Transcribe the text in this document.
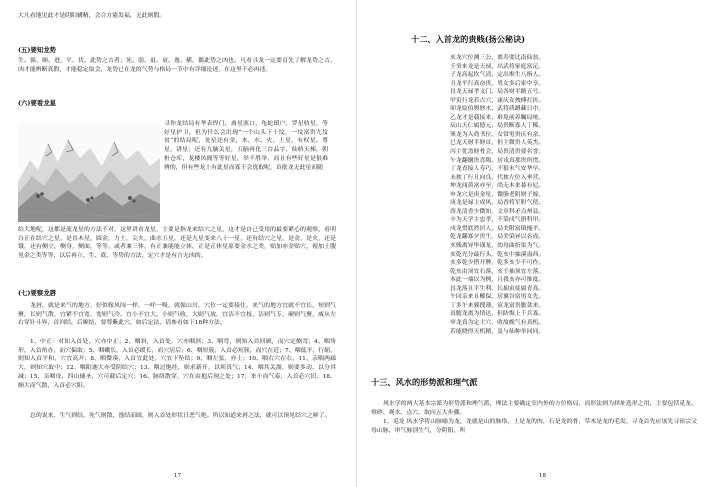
大凡看地见此才是阴阳媾精，会合方能发福，无此则假。
(五)要知龙势
生、强、顺、进、平、伏，此势之吉者；死、弱、退、衰、逸、横，偶此势之凶也。凡看寻龙一定要首先了解龙势之吉、凶才能辨断真假，才能稳定取会，龙势已在龙的气势与格局一节中有详细论述，在这里不必再述。
(六)要看龙星
寻你龙结局有华表焊门，禽星塞口，龟蛇镇户，罗星收星，等好星护卫，但为什么会出现“一个山头下十坟，一坟富贵九坟贫”的结局呢，龙星还有金、木、水、火、土星，有权星、尊星、讲星；还有九脑关星，五脑再化三台品字，仙桥天梯，朝桩仓库，龙楼凤阁等等好星，举不胜举，而且有些好星是很难辨的，但有些龙上有此星而寡于会选取呢，首批龙无此星而随
结大地呢，这都是流龙星的方法不对，这里讲看龙星，主要是指龙来结穴之星，这才是自己受用的最要紧心的观察，看明白正在结穴之星，是直木星，圆金，力土，尖火，曲水五星，还是九星变来八十一星，还有结穴之星，是金，是火，还是饿，还有侧立，侧身，侧面，等等。或者兼三体，有正兼能能立体，正是正体星原要金水之类，贴加亦金贴穴，视加土腹见金之类等等，以后再立、生、底、等势的方法，定穴才是有言无凶的。
(七)要察龙唇
龙唇，就是来气的地方，好似嫁风闯一样，一呼一吸，就强山川，穴位一定要接住，来气的地方宜就不宜长，短则气聚，长则气散，宜紧不宜宽，宽则气冷，宜小不宜大，小则气收，大则气放，宜洁不宜枝，洁则气专，硬则气聚，威从左右穿针斗界，首回结，后顺结，要尊紫此穴，如后定法，请参看如下18种方法。
1、中正：对知入首处，穴亦中正；2、咽斜，入首处，穴亦咽斜；3、咽弯，则知入首回顾，而穴定侧弯；4、咽角形，入首角办，而穴偏取；5、咽嫩长，入首必缓长，而穴居后；6、咽短簇，入首必短簇，而穴在近；7、咽低平，行缩，则知入首平和，穴宜高开；8、咽微凑，入首宜此处，穴宜下坠结；9、咽左弦，亦土；10、咽右穴在右，11、亲咽两廊大，则知穴取中；12、咽阳迦大亦受阴结穴；13、咽过饱挂，则求新开，以须真气；14、咽其关溜，则要多动，以分其减；15、亲咽母，四山辅圣，穴可截后定穴；16、脉络散穿，穴在由抱后现之处；17、来小而气泰，入首必穴旧；18，颇大而气散，入首必穴阳。
总的说来，生气则结，死气则散，逸结而圆，则入首处形状日恶气绝。所以知道来唇之法，就可以预见结穴之鲜了。
17
十二、入首龙的贵贱(扬公秘诀)
亥龙穴位测三公，离寿要比南仙翁。
壬癸来龙是天禄，出武将家庭富足。
子龙高起坎气清，定出堆生八指人。
丑龙平行真奋贵，男女多后家中享。
艮龙天禄孝义门，局各财半路五号。
甲寅行龙若吉穴，康庆女拽傅打折。
卯龙原伯舆妙水，武将质蹲藏日中。
乙龙才是载接来，难免前养瞩局统。
辰山天仁属德元，局贵断寡人丁稀。
巽龙为入尚书位，女常男贵庆有余。
巳龙天财半财首，但主微贵人英杰。
丙主优盖财骨会，局贵清贵要名誉。
午龙翻媾贵喜陶，居戎真那贵所贯。
丁龙青接人寿巧，不狼末气安华早。
未挨丁行且向良，代挨左位入垂营。
坤龙闯黄富亦至，尚无本来暮有尼。
申龙穴是庚金星，微脂老阴财子嫁。
庚龙是禄主成风，局香将军胆气傍。
酉龙清香少微知，文章科矛点州县。
辛为天学主忠孝，不染戍气册科甲。
戍龙贯底然居人，局美附富镇掩平。
乾龙翻寡夕贵生，局美染异以名成。
亥贱离异毕谨龙，幼母曲折染为气。
亥乾光分最行头，乾亥中抽溪盎西。
亥多乾少搭开脾，乾多亥少不可作。
乾亥由顶宜右落，亥壬抽顶宜左落。
本此一端以为例，且我亥亦可推度。
艮龙落且半生利，长抽寅徒属青真。
午同亲来且椰保，居翼谷宿男女先。
丁多午来翼搜薄，寅龙富贵膽款来。
真膽龙离为情达，但防悔上千兵寡。
审龙真为定主穴，收故晚气有真机。
若能晓得天机精，及与仙种举同同。
十三、风水的形势派和理气派
风水学的两大基本宗派为形势派和理气派，理法主要确定室内外的方位格局，而形法则为择址选形之用，主要包括觅龙、察砂、观水、点穴、取向五大步骤。
1、觅龙 风水学将山脉喻为龙，龙就是山的脉络，土是龙的肉，石是龙的骨，草木是龙的毛发。寻龙首先应该先寻祖宗父母山脉，审气脉别生气，分阴阳，所
18
